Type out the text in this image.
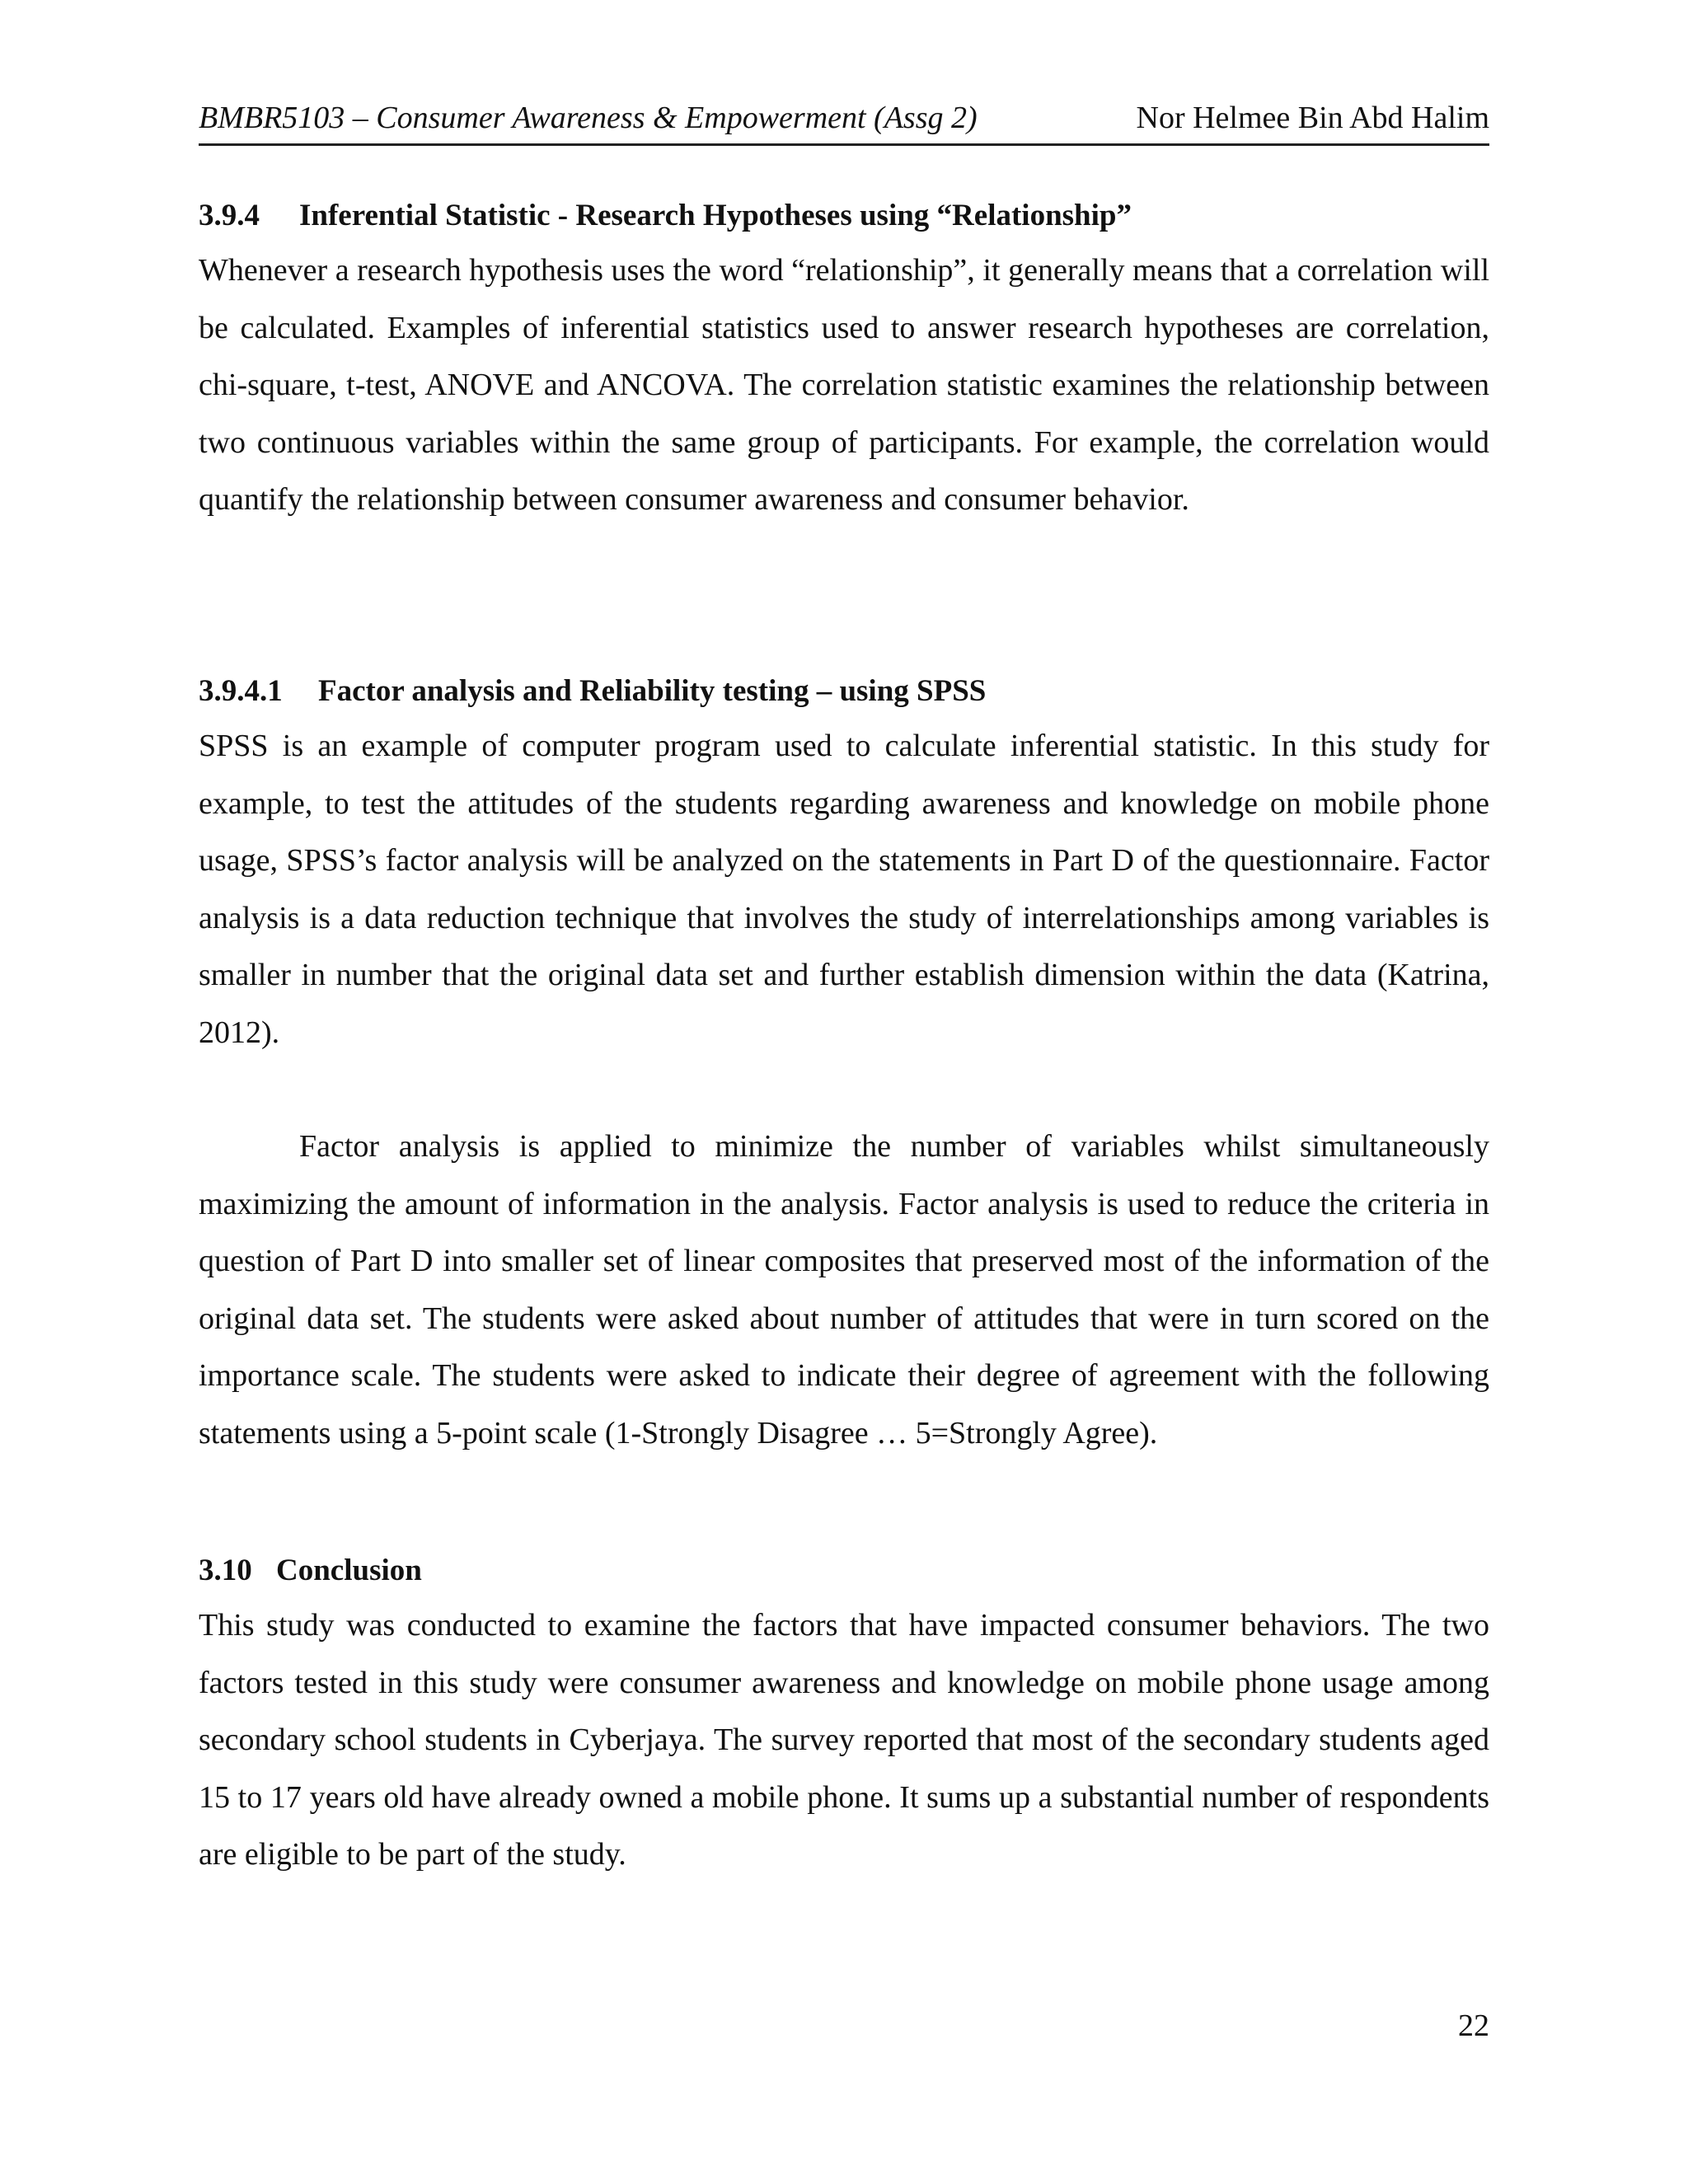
BMBR5103 – Consumer Awareness & Empowerment (Assg 2)	Nor Helmee Bin Abd Halim
3.9.4 Inferential Statistic - Research Hypotheses using “Relationship”

Whenever a research hypothesis uses the word “relationship”, it generally means that a correlation will be calculated. Examples of inferential statistics used to answer research hypotheses are correlation, chi-square, t-test, ANOVE and ANCOVA. The correlation statistic examines the relationship between two continuous variables within the same group of participants. For example, the correlation would quantify the relationship between consumer awareness and consumer behavior.

3.9.4.1 Factor analysis and Reliability testing – using SPSS

SPSS is an example of computer program used to calculate inferential statistic. In this study for example, to test the attitudes of the students regarding awareness and knowledge on mobile phone usage, SPSS’s factor analysis will be analyzed on the statements in Part D of the questionnaire. Factor analysis is a data reduction technique that involves the study of interrelationships among variables is smaller in number that the original data set and further establish dimension within the data (Katrina, 2012).

Factor analysis is applied to minimize the number of variables whilst simultaneously maximizing the amount of information in the analysis. Factor analysis is used to reduce the criteria in question of Part D into smaller set of linear composites that preserved most of the information of the original data set. The students were asked about number of attitudes that were in turn scored on the importance scale. The students were asked to indicate their degree of agreement with the following statements using a 5-point scale (1-Strongly Disagree … 5=Strongly Agree).

3.10 Conclusion

This study was conducted to examine the factors that have impacted consumer behaviors. The two factors tested in this study were consumer awareness and knowledge on mobile phone usage among secondary school students in Cyberjaya. The survey reported that most of the secondary students aged 15 to 17 years old have already owned a mobile phone. It sums up a substantial number of respondents are eligible to be part of the study.

22
